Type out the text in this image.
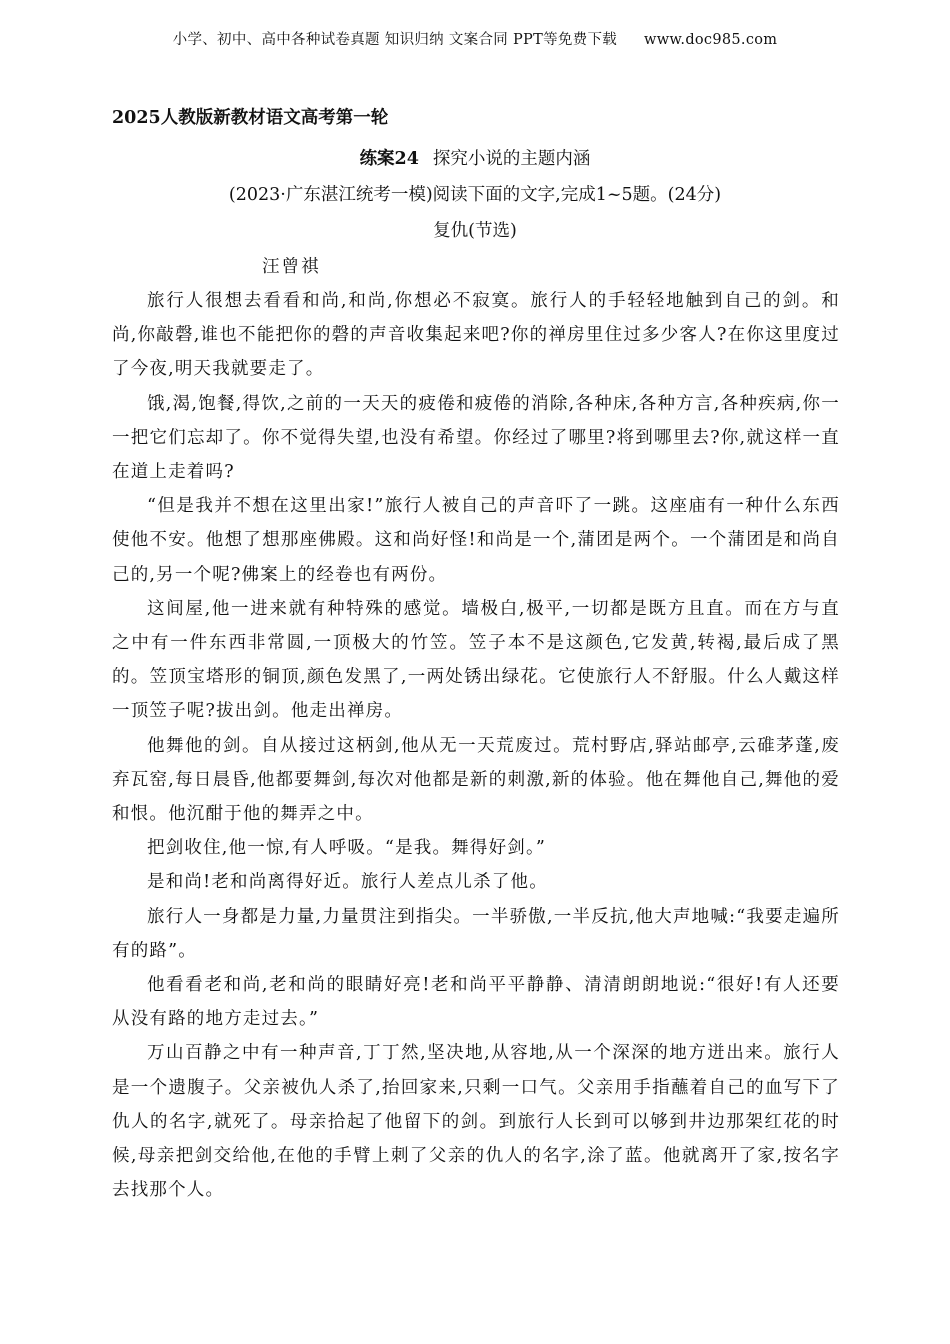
小学、初中、高中各种试卷真题 知识归纳 文案合同 PPT等免费下载 www.doc985.com
2025人教版新教材语文高考第一轮
练案24 探究小说的主题内涵
(2023·广东湛江统考一模)阅读下面的文字,完成1~5题。(24分)
复仇(节选)
汪曾祺

旅行人很想去看看和尚,和尚,你想必不寂寞。旅行人的手轻轻地触到自己的剑。和尚,你敲磬,谁也不能把你的磬的声音收集起来吧?你的禅房里住过多少客人?在你这里度过了今夜,明天我就要走了。

饿,渴,饱餐,得饮,之前的一天天的疲倦和疲倦的消除,各种床,各种方言,各种疾病,你一一把它们忘却了。你不觉得失望,也没有希望。你经过了哪里?将到哪里去?你,就这样一直在道上走着吗?

“但是我并不想在这里出家!”旅行人被自己的声音吓了一跳。这座庙有一种什么东西使他不安。他想了想那座佛殿。这和尚好怪!和尚是一个,蒲团是两个。一个蒲团是和尚自己的,另一个呢?佛案上的经卷也有两份。

这间屋,他一进来就有种特殊的感觉。墙极白,极平,一切都是既方且直。而在方与直之中有一件东西非常圆,一顶极大的竹笠。笠子本不是这颜色,它发黄,转褐,最后成了黑的。笠顶宝塔形的铜顶,颜色发黑了,一两处锈出绿花。它使旅行人不舒服。什么人戴这样一顶笠子呢?拔出剑。他走出禅房。

他舞他的剑。自从接过这柄剑,他从无一天荒废过。荒村野店,驿站邮亭,云碓茅蓬,废弃瓦窑,每日晨昏,他都要舞剑,每次对他都是新的刺激,新的体验。他在舞他自己,舞他的爱和恨。他沉酣于他的舞弄之中。

把剑收住,他一惊,有人呼吸。“是我。舞得好剑。”

是和尚!老和尚离得好近。旅行人差点儿杀了他。

旅行人一身都是力量,力量贯注到指尖。一半骄傲,一半反抗,他大声地喊:“我要走遍所有的路”。

他看看老和尚,老和尚的眼睛好亮!老和尚平平静静、清清朗朗地说:“很好!有人还要从没有路的地方走过去。”

万山百静之中有一种声音,丁丁然,坚决地,从容地,从一个深深的地方迸出来。旅行人是一个遗腹子。父亲被仇人杀了,抬回家来,只剩一口气。父亲用手指蘸着自己的血写下了仇人的名字,就死了。母亲拾起了他留下的剑。到旅行人长到可以够到井边那架红花的时候,母亲把剑交给他,在他的手臂上刺了父亲的仇人的名字,涂了蓝。他就离开了家,按名字去找那个人。
